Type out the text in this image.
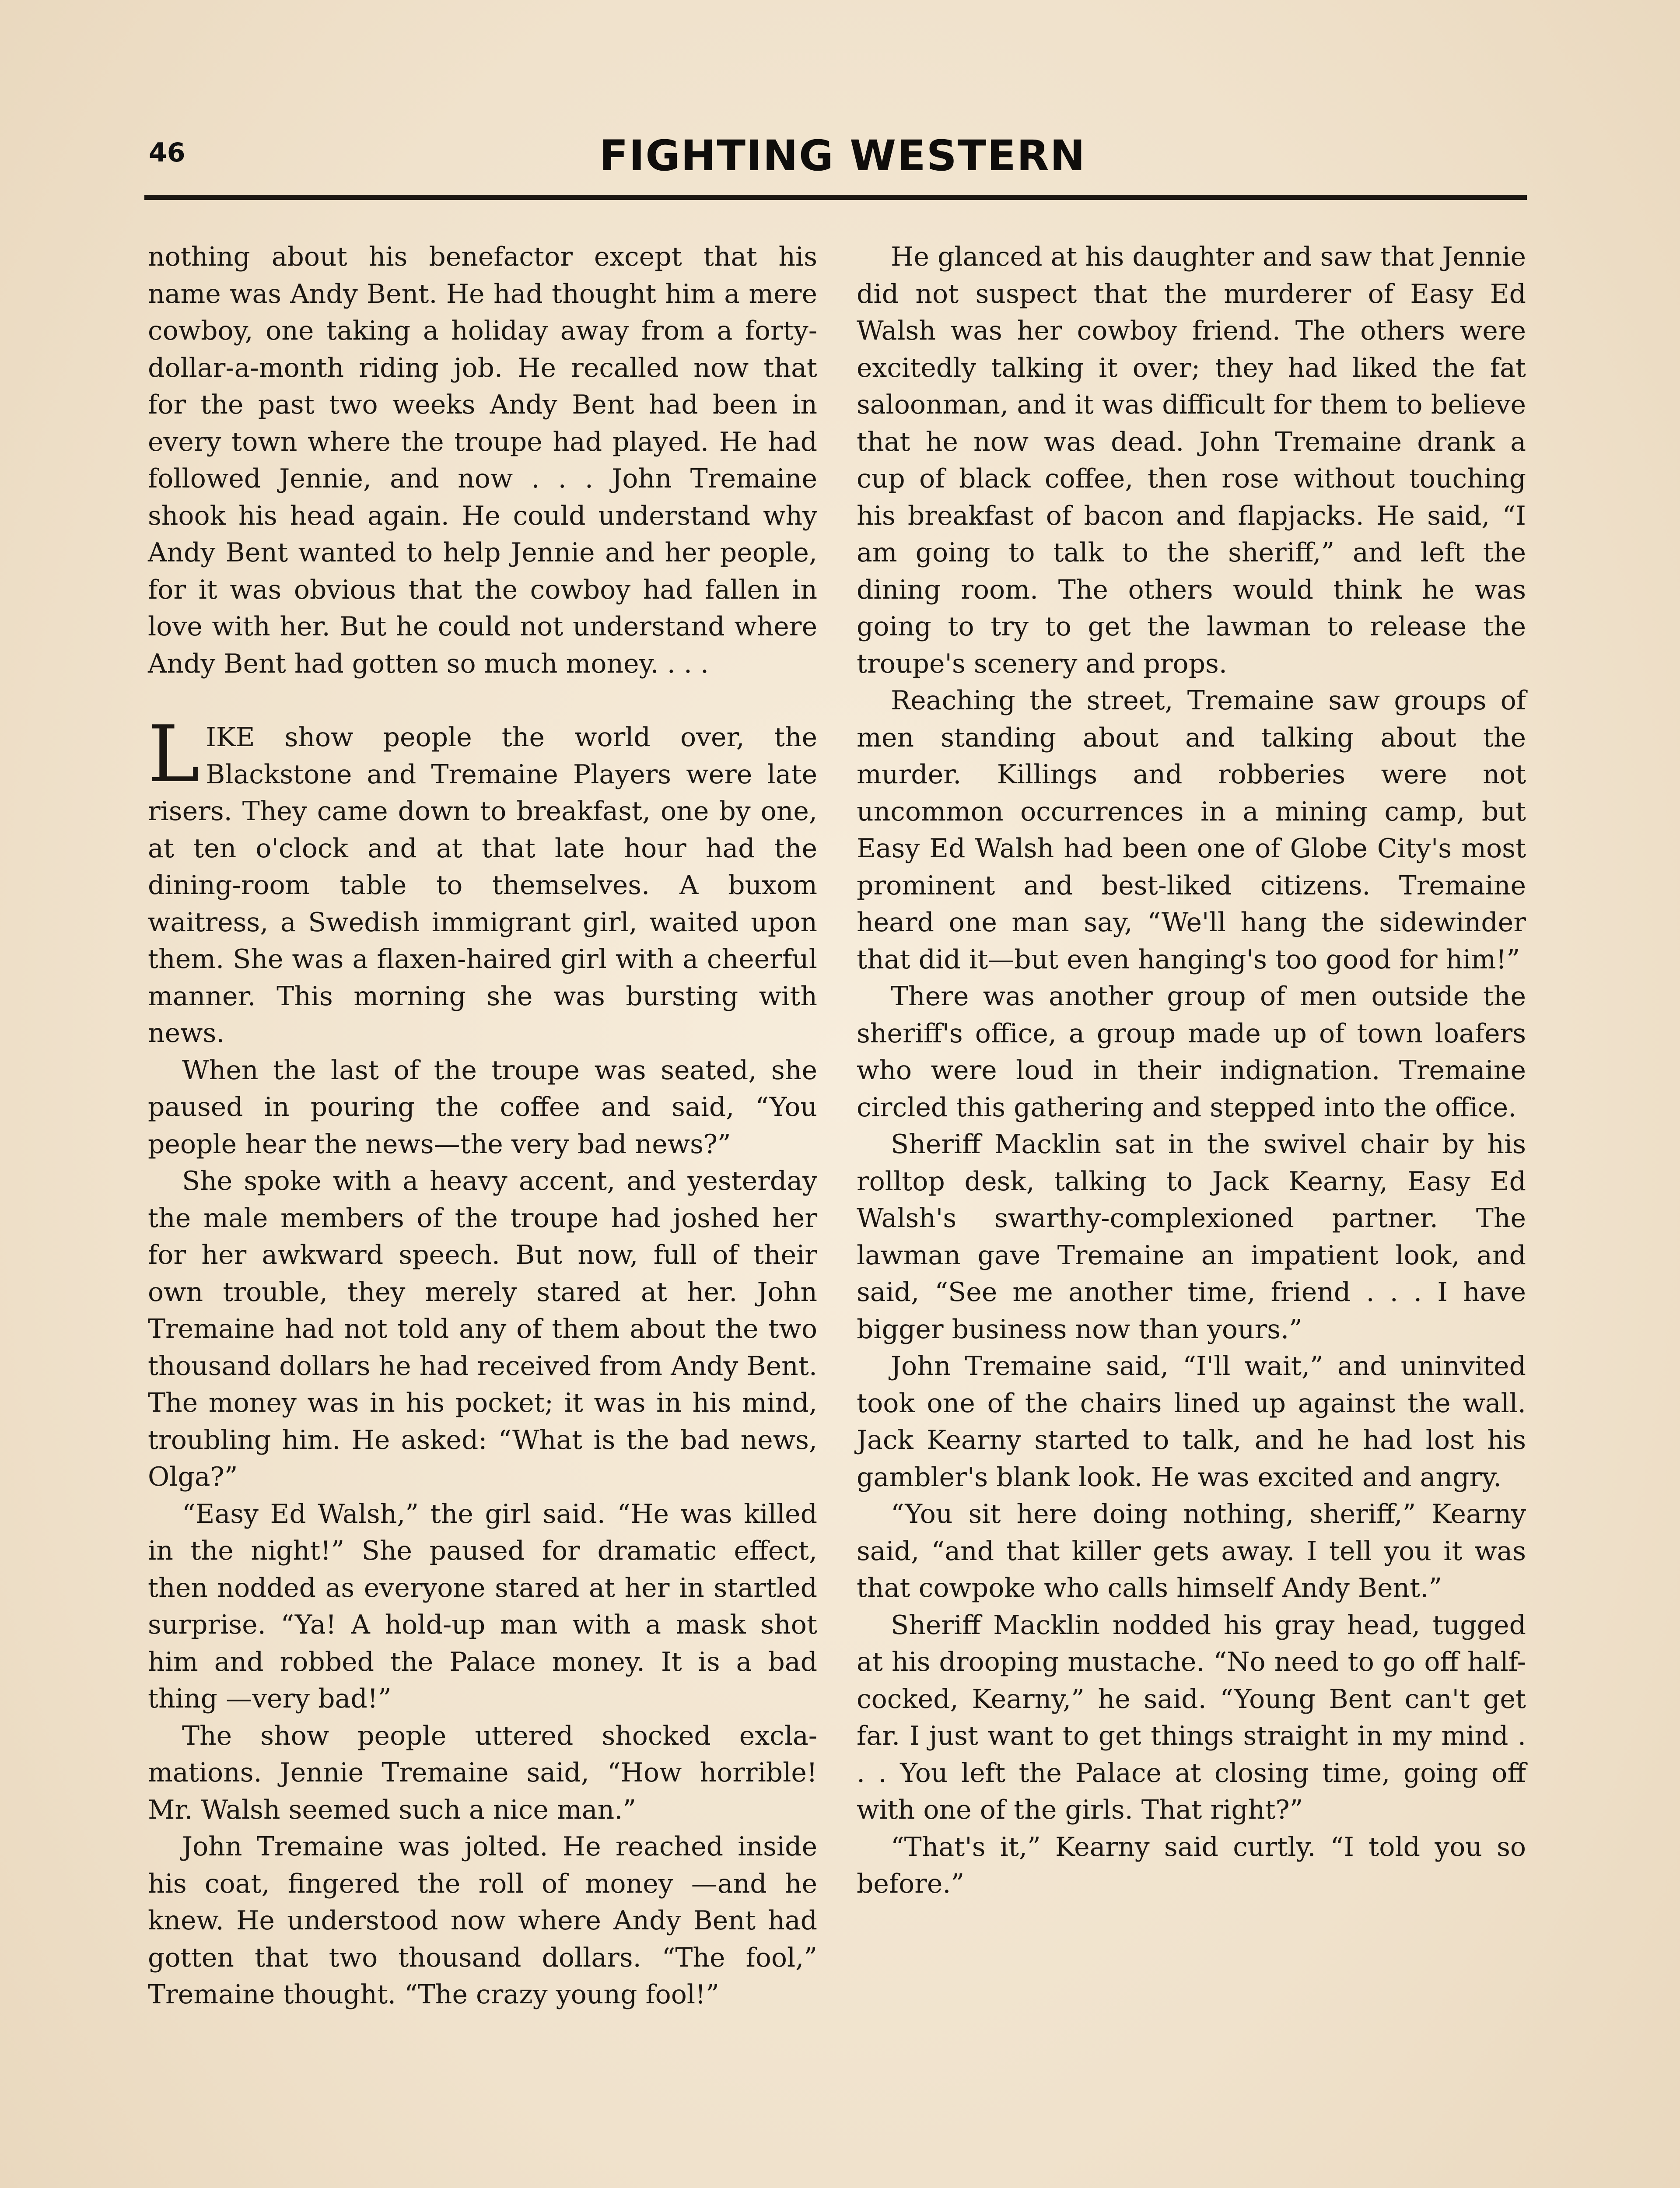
46	FIGHTING WESTERN

nothing about his benefactor except that his name was Andy Bent. He had thought him a mere cowboy, one taking a holiday away from a forty-dollar-a-month riding job. He recalled now that for the past two weeks Andy Bent had been in every town where the troupe had played. He had followed Jennie, and now . . . John Tremaine shook his head again. He could understand why Andy Bent wanted to help Jennie and her people, for it was obvious that the cowboy had fallen in love with her. But he could not understand where Andy Bent had gotten so much money. . . .

LIKE show people the world over, the Blackstone and Tremaine Players were late risers. They came down to breakfast, one by one, at ten o'clock and at that late hour had the dining-room table to themselves. A buxom waitress, a Swedish immigrant girl, waited upon them. She was a flaxen-haired girl with a cheerful manner. This morning she was bursting with news.

When the last of the troupe was seated, she paused in pouring the coffee and said, “You people hear the news—the very bad news?”

She spoke with a heavy accent, and yesterday the male members of the troupe had joshed her for her awkward speech. But now, full of their own trouble, they merely stared at her. John Tremaine had not told any of them about the two thousand dollars he had received from Andy Bent. The money was in his pocket; it was in his mind, troubling him. He asked: “What is the bad news, Olga?”

“Easy Ed Walsh,” the girl said. “He was killed in the night!” She paused for dramatic effect, then nodded as everyone stared at her in startled surprise. “Ya! A hold-up man with a mask shot him and robbed the Palace money. It is a bad thing —very bad!”

The show people uttered shocked exclamations. Jennie Tremaine said, “How horrible! Mr. Walsh seemed such a nice man.”

John Tremaine was jolted. He reached inside his coat, fingered the roll of money —and he knew. He understood now where Andy Bent had gotten that two thousand dollars. “The fool,” Tremaine thought. “The crazy young fool!”

He glanced at his daughter and saw that Jennie did not suspect that the murderer of Easy Ed Walsh was her cowboy friend. The others were excitedly talking it over; they had liked the fat saloonman, and it was difficult for them to believe that he now was dead. John Tremaine drank a cup of black coffee, then rose without touching his breakfast of bacon and flapjacks. He said, “I am going to talk to the sheriff,” and left the dining room. The others would think he was going to try to get the lawman to release the troupe's scenery and props.

Reaching the street, Tremaine saw groups of men standing about and talking about the murder. Killings and robberies were not uncommon occurrences in a mining camp, but Easy Ed Walsh had been one of Globe City's most prominent and best-liked citizens. Tremaine heard one man say, “We'll hang the sidewinder that did it—but even hanging's too good for him!”

There was another group of men outside the sheriff's office, a group made up of town loafers who were loud in their indignation. Tremaine circled this gathering and stepped into the office.

Sheriff Macklin sat in the swivel chair by his rolltop desk, talking to Jack Kearny, Easy Ed Walsh's swarthy-complexioned partner. The lawman gave Tremaine an impatient look, and said, “See me another time, friend . . . I have bigger business now than yours.”

John Tremaine said, “I'll wait,” and uninvited took one of the chairs lined up against the wall. Jack Kearny started to talk, and he had lost his gambler's blank look. He was excited and angry.

“You sit here doing nothing, sheriff,” Kearny said, “and that killer gets away. I tell you it was that cowpoke who calls himself Andy Bent.”

Sheriff Macklin nodded his gray head, tugged at his drooping mustache. “No need to go off half-cocked, Kearny,” he said. “Young Bent can't get far. I just want to get things straight in my mind . . . You left the Palace at closing time, going off with one of the girls. That right?”

“That's it,” Kearny said curtly. “I told you so before.”
